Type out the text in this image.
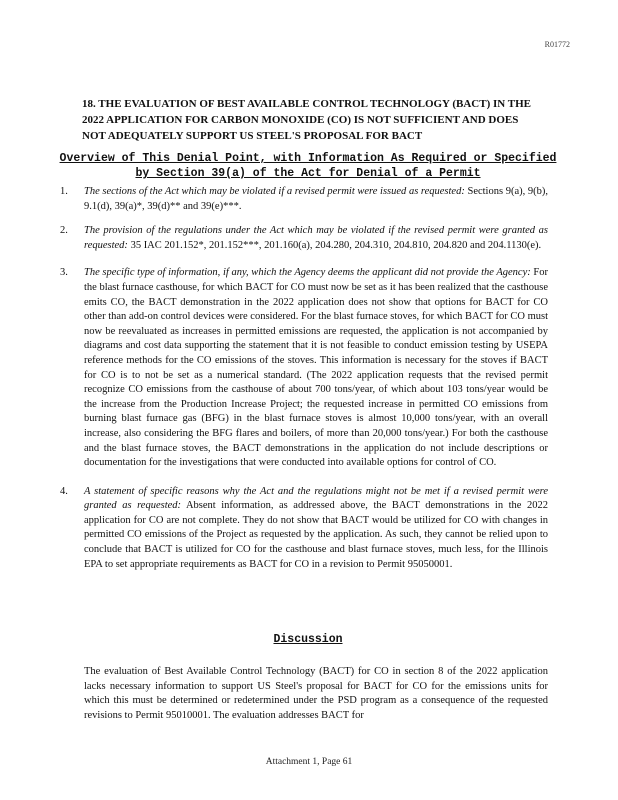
R01772

18. THE EVALUATION OF BEST AVAILABLE CONTROL TECHNOLOGY (BACT) IN THE 2022 APPLICATION FOR CARBON MONOXIDE (CO) IS NOT SUFFICIENT AND DOES NOT ADEQUATELY SUPPORT US STEEL'S PROPOSAL FOR BACT

Overview of This Denial Point, with Information As Required or Specified by Section 39(a) of the Act for Denial of a Permit

1. The sections of the Act which may be violated if a revised permit were issued as requested: Sections 9(a), 9(b), 9.1(d), 39(a)*, 39(d)** and 39(e)***.
2. The provision of the regulations under the Act which may be violated if the revised permit were granted as requested: 35 IAC 201.152*, 201.152***, 201.160(a), 204.280, 204.310, 204.810, 204.820 and 204.1130(e).
3. The specific type of information, if any, which the Agency deems the applicant did not provide the Agency: For the blast furnace casthouse, for which BACT for CO must now be set as it has been realized that the casthouse emits CO, the BACT demonstration in the 2022 application does not show that options for BACT for CO other than add-on control devices were considered. For the blast furnace stoves, for which BACT for CO must now be reevaluated as increases in permitted emissions are requested, the application is not accompanied by diagrams and cost data supporting the statement that it is not feasible to conduct emission testing by USEPA reference methods for the CO emissions of the stoves. This information is necessary for the stoves if BACT for CO is to not be set as a numerical standard. (The 2022 application requests that the revised permit recognize CO emissions from the casthouse of about 700 tons/year, of which about 103 tons/year would be the increase from the Production Increase Project; the requested increase in permitted CO emissions from burning blast furnace gas (BFG) in the blast furnace stoves is almost 10,000 tons/year, with an overall increase, also considering the BFG flares and boilers, of more than 20,000 tons/year.) For both the casthouse and the blast furnace stoves, the BACT demonstrations in the application do not include descriptions or documentation for the investigations that were conducted into available options for control of CO.
4. A statement of specific reasons why the Act and the regulations might not be met if a revised permit were granted as requested: Absent information, as addressed above, the BACT demonstrations in the 2022 application for CO are not complete. They do not show that BACT would be utilized for CO with changes in permitted CO emissions of the Project as requested by the application. As such, they cannot be relied upon to conclude that BACT is utilized for CO for the casthouse and blast furnace stoves, much less, for the Illinois EPA to set appropriate requirements as BACT for CO in a revision to Permit 95050001.

Discussion

The evaluation of Best Available Control Technology (BACT) for CO in section 8 of the 2022 application lacks necessary information to support US Steel's proposal for BACT for CO for the emissions units for which this must be determined or redetermined under the PSD program as a consequence of the requested revisions to Permit 95010001. The evaluation addresses BACT for

Attachment 1, Page 61
